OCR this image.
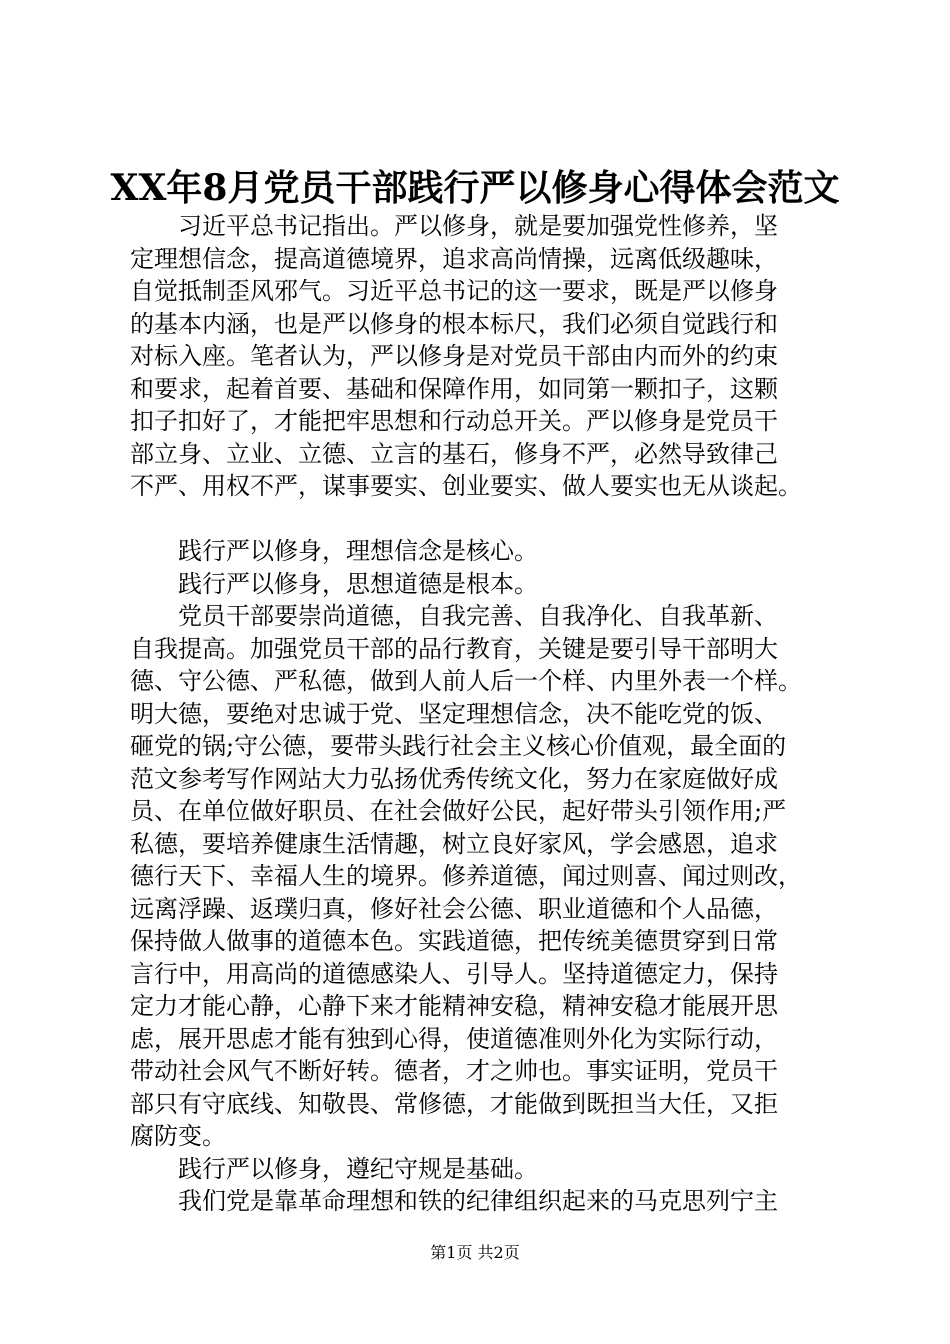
XX年8月党员干部践行严以修身心得体会范文
习近平总书记指出。严以修身，就是要加强党性修养，坚
定理想信念，提高道德境界，追求高尚情操，远离低级趣味，
自觉抵制歪风邪气。习近平总书记的这一要求，既是严以修身
的基本内涵，也是严以修身的根本标尺，我们必须自觉践行和
对标入座。笔者认为，严以修身是对党员干部由内而外的约束
和要求，起着首要、基础和保障作用，如同第一颗扣子，这颗
扣子扣好了，才能把牢思想和行动总开关。严以修身是党员干
部立身、立业、立德、立言的基石，修身不严，必然导致律己
不严、用权不严，谋事要实、创业要实、做人要实也无从谈起。
践行严以修身，理想信念是核心。
践行严以修身，思想道德是根本。
党员干部要崇尚道德，自我完善、自我净化、自我革新、
自我提高。加强党员干部的品行教育，关键是要引导干部明大
德、守公德、严私德，做到人前人后一个样、内里外表一个样。
明大德，要绝对忠诚于党、坚定理想信念，决不能吃党的饭、
砸党的锅;守公德，要带头践行社会主义核心价值观，最全面的
范文参考写作网站大力弘扬优秀传统文化，努力在家庭做好成
员、在单位做好职员、在社会做好公民，起好带头引领作用;严
私德，要培养健康生活情趣，树立良好家风，学会感恩，追求
德行天下、幸福人生的境界。修养道德，闻过则喜、闻过则改，
远离浮躁、返璞归真，修好社会公德、职业道德和个人品德，
保持做人做事的道德本色。实践道德，把传统美德贯穿到日常
言行中，用高尚的道德感染人、引导人。坚持道德定力，保持
定力才能心静，心静下来才能精神安稳，精神安稳才能展开思
虑，展开思虑才能有独到心得，使道德准则外化为实际行动，
带动社会风气不断好转。德者，才之帅也。事实证明，党员干
部只有守底线、知敬畏、常修德，才能做到既担当大任，又拒
腐防变。
践行严以修身，遵纪守规是基础。
我们党是靠革命理想和铁的纪律组织起来的马克思列宁主
第1页 共2页
